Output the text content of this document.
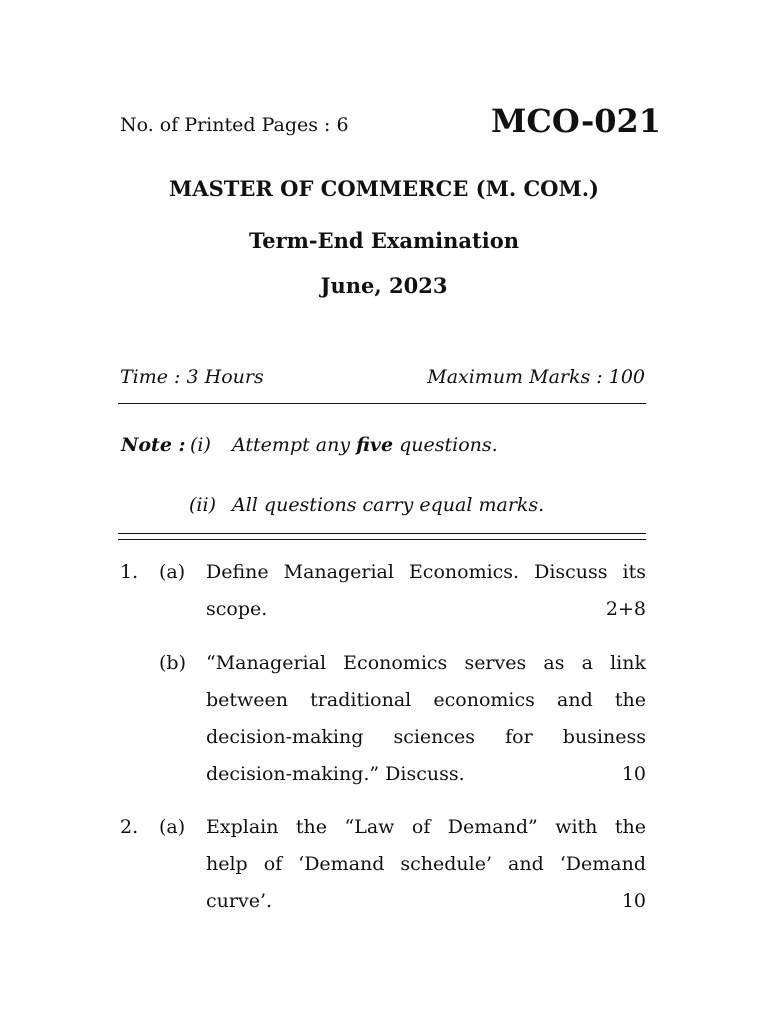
No. of Printed Pages : 6	MCO-021
MASTER OF COMMERCE (M. COM.)
Term-End Examination
June, 2023
Time : 3 Hours	Maximum Marks : 100
Note : (i) Attempt any five questions.
(ii) All questions carry equal marks.
1. (a) Define Managerial Economics. Discuss its
scope.	2+8
(b) “Managerial Economics serves as a link
between traditional economics and the
decision-making sciences for business
decision-making.” Discuss.	10
2. (a) Explain the “Law of Demand” with the
help of ‘Demand schedule’ and ‘Demand
curve’.	10
